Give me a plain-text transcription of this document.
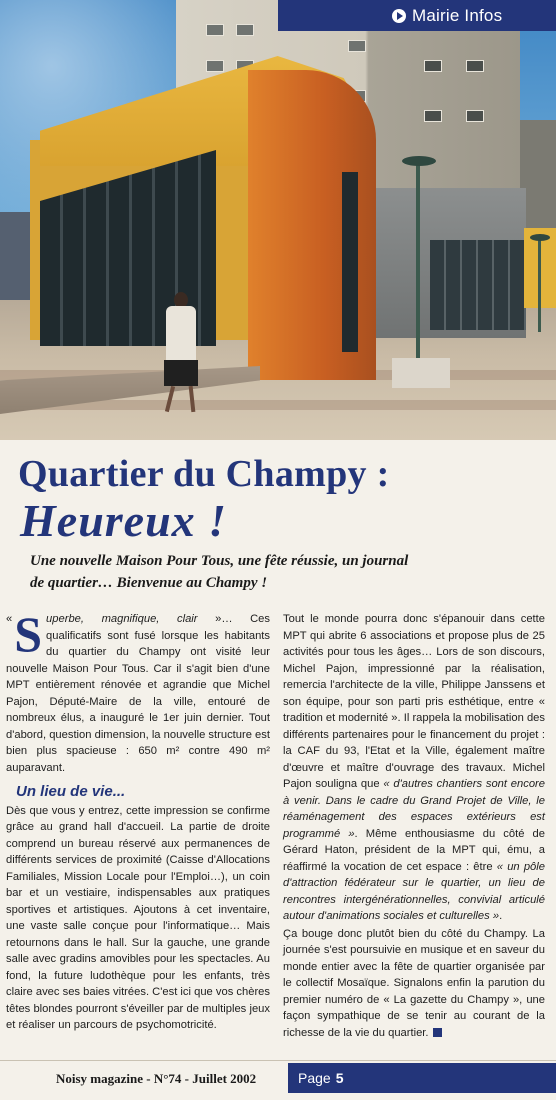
Mairie Infos
Quartier du Champy :
Heureux !
Une nouvelle Maison Pour Tous, une fête réussie, un journal
de quartier… Bienvenue au Champy !

« S uperbe, magnifique, clair »… Ces qualificatifs sont fusé lorsque les habitants du quartier du Champy ont visité leur nouvelle Maison Pour Tous. Car il s'agit bien d'une MPT entièrement rénovée et agrandie que Michel Pajon, Député-Maire de la ville, entouré de nombreux élus, a inauguré le 1er juin dernier. Tout d'abord, question dimension, la nouvelle structure est bien plus spacieuse : 650 m² contre 490 m² auparavant.

Un lieu de vie...

Dès que vous y entrez, cette impression se confirme grâce au grand hall d'accueil. La partie de droite comprend un bureau réservé aux permanences de différents services de proximité (Caisse d'Allocations Familiales, Mission Locale pour l'Emploi…), un coin bar et un vestiaire, indispensables aux pratiques sportives et artistiques. Ajoutons à cet inventaire, une vaste salle conçue pour l'informatique… Mais retournons dans le hall. Sur la gauche, une grande salle avec gradins amovibles pour les spectacles. Au fond, la future ludothèque pour les enfants, très claire avec ses baies vitrées. C'est ici que vos chères têtes blondes pourront s'éveiller par de multiples jeux et réaliser un parcours de psychomotricité.

Tout le monde pourra donc s'épanouir dans cette MPT qui abrite 6 associations et propose plus de 25 activités pour tous les âges… Lors de son discours, Michel Pajon, impressionné par la réalisation, remercia l'architecte de la ville, Philippe Janssens et son équipe, pour son parti pris esthétique, entre « tradition et modernité ». Il rappela la mobilisation des différents partenaires pour le financement du projet : la CAF du 93, l'Etat et la Ville, également maître d'œuvre et maître d'ouvrage des travaux. Michel Pajon souligna que « d'autres chantiers sont encore à venir. Dans le cadre du Grand Projet de Ville, le réaménagement des espaces extérieurs est programmé ». Même enthousiasme du côté de Gérard Haton, président de la MPT qui, ému, a réaffirmé la vocation de cet espace : être « un pôle d'attraction fédérateur sur le quartier, un lieu de rencontres intergénérationnelles, convivial articulé autour d'animations sociales et culturelles ».

Ça bouge donc plutôt bien du côté du Champy. La journée s'est poursuivie en musique et en saveur du monde entier avec la fête de quartier organisée par le collectif Mosaïque. Signalons enfin la parution du premier numéro de « La gazette du Champy », une façon sympathique de se tenir au courant de la richesse de la vie du quartier.

Noisy magazine - N°74 - Juillet 2002	Page 5
